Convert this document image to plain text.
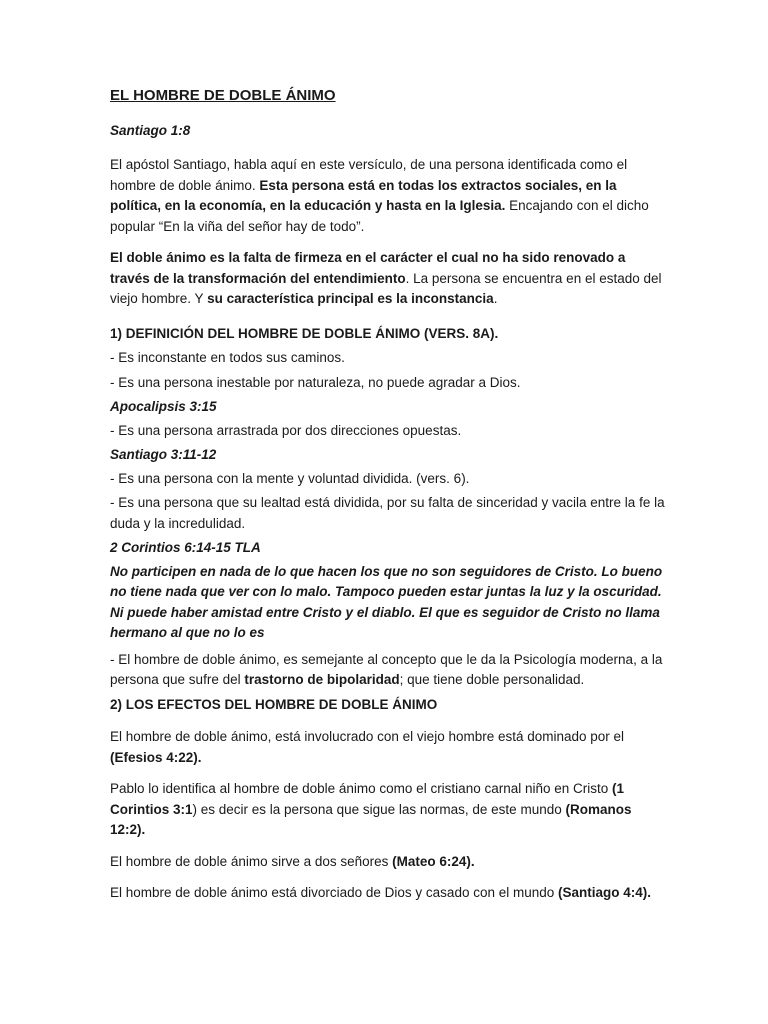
EL HOMBRE DE DOBLE ÁNIMO

Santiago 1:8

El apóstol Santiago, habla aquí en este versículo, de una persona identificada como el hombre de doble ánimo. Esta persona está en todas los extractos sociales, en la política, en la economía, en la educación y hasta en la Iglesia. Encajando con el dicho popular “En la viña del señor hay de todo”.

El doble ánimo es la falta de firmeza en el carácter el cual no ha sido renovado a través de la transformación del entendimiento. La persona se encuentra en el estado del viejo hombre. Y su característica principal es la inconstancia.

1) DEFINICIÓN DEL HOMBRE DE DOBLE ÁNIMO (VERS. 8A).
- Es inconstante en todos sus caminos.
- Es una persona inestable por naturaleza, no puede agradar a Dios.
Apocalipsis 3:15
- Es una persona arrastrada por dos direcciones opuestas.
Santiago 3:11-12
- Es una persona con la mente y voluntad dividida. (vers. 6).
- Es una persona que su lealtad está dividida, por su falta de sinceridad y vacila entre la fe la duda y la incredulidad.
2 Corintios 6:14-15 TLA
No participen en nada de lo que hacen los que no son seguidores de Cristo. Lo bueno no tiene nada que ver con lo malo. Tampoco pueden estar juntas la luz y la oscuridad. Ni puede haber amistad entre Cristo y el diablo. El que es seguidor de Cristo no llama hermano al que no lo es
- El hombre de doble ánimo, es semejante al concepto que le da la Psicología moderna, a la persona que sufre del trastorno de bipolaridad; que tiene doble personalidad.
2) LOS EFECTOS DEL HOMBRE DE DOBLE ÁNIMO

El hombre de doble ánimo, está involucrado con el viejo hombre está dominado por el (Efesios 4:22).

Pablo lo identifica al hombre de doble ánimo como el cristiano carnal niño en Cristo (1 Corintios 3:1) es decir es la persona que sigue las normas, de este mundo (Romanos 12:2).

El hombre de doble ánimo sirve a dos señores (Mateo 6:24).

El hombre de doble ánimo está divorciado de Dios y casado con el mundo (Santiago 4:4).
